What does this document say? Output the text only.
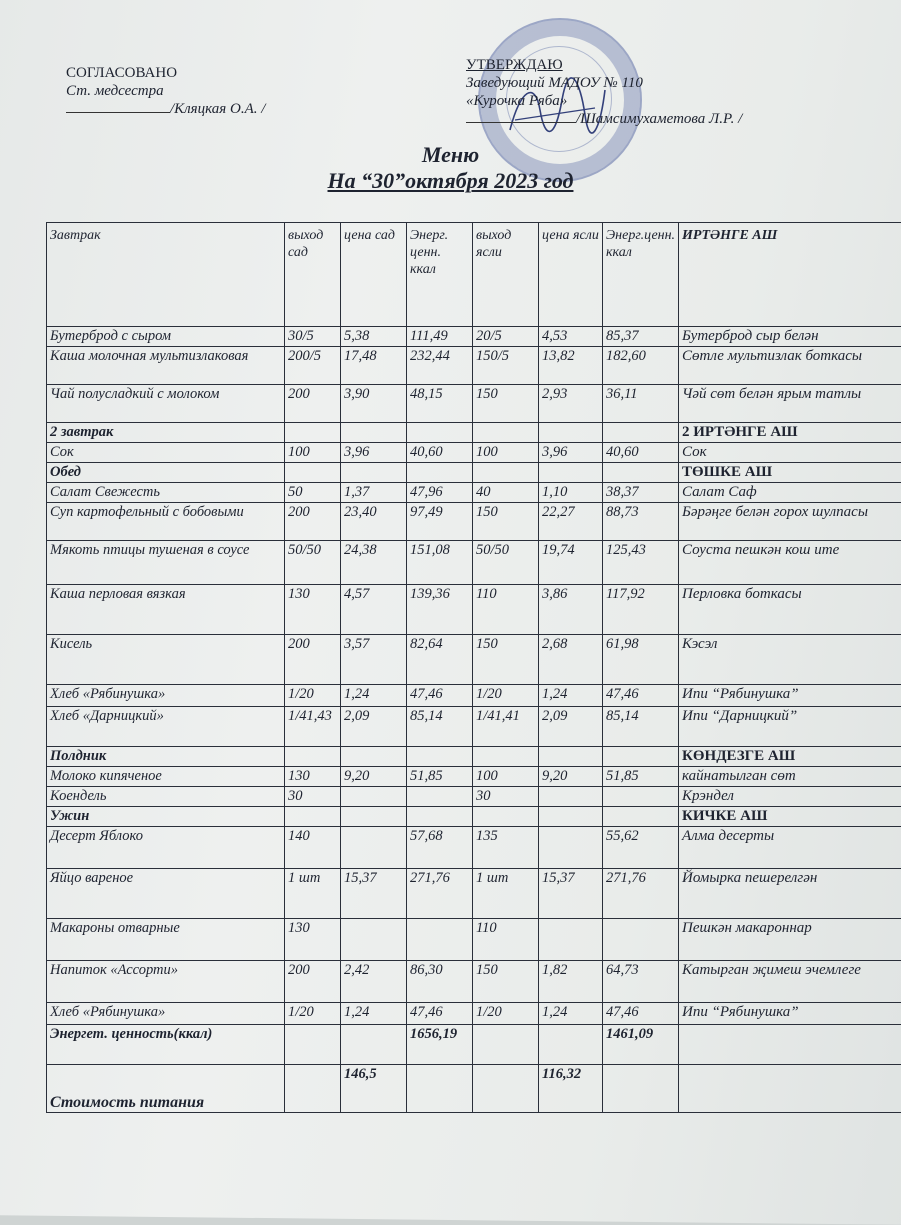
СОГЛАСОВАНО
Ст. медсестра
/Кляцкая О.А. /
УТВЕРЖДАЮ
Заведующий МАДОУ № 110
«Курочка Ряба»
/Шамсимухаметова Л.Р. /
Меню
На “30”октября 2023 год
Завтрак	выход сад	цена сад	Энерг. ценн. ккал	выход ясли	цена ясли	Энерг.ценн. ккал	ИРТӘНГЕ АШ
Бутерброд с сыром	30/5	5,38	111,49	20/5	4,53	85,37	Бутерброд сыр белән
Каша молочная мультизлаковая	200/5	17,48	232,44	150/5	13,82	182,60	Сөтле мультизлак боткасы
Чай полусладкий с молоком	200	3,90	48,15	150	2,93	36,11	Чәй сөт белән ярым татлы
2 завтрак							2 ИРТӘНГЕ АШ
Сок	100	3,96	40,60	100	3,96	40,60	Сок
Обед							ТӨШКЕ АШ
Салат Свежесть	50	1,37	47,96	40	1,10	38,37	Салат Саф
Суп картофельный с бобовыми	200	23,40	97,49	150	22,27	88,73	Бәрәңге белән горох шулпасы
Мякоть птицы тушеная в соусе	50/50	24,38	151,08	50/50	19,74	125,43	Соуста пешкән кош ите
Каша перловая вязкая	130	4,57	139,36	110	3,86	117,92	Перловка боткасы
Кисель	200	3,57	82,64	150	2,68	61,98	Кэсэл
Хлеб «Рябинушка»	1/20	1,24	47,46	1/20	1,24	47,46	Ипи “Рябинушка”
Хлеб «Дарницкий»	1/41,43	2,09	85,14	1/41,41	2,09	85,14	Ипи “Дарницкий”
Полдник							КӨНДЕЗГЕ АШ
Молоко кипяченое	130	9,20	51,85	100	9,20	51,85	кайнатылган сөт
Коендель	30			30			Крэндел
Ужин							КИЧКЕ АШ
Десерт Яблоко	140		57,68	135		55,62	Алма десерты
Яйцо вареное	1 шт	15,37	271,76	1 шт	15,37	271,76	Йомырка пешерелгән
Макароны отварные	130			110			Пешкән макароннар
Напиток «Ассорти»	200	2,42	86,30	150	1,82	64,73	Катырган җимеш эчемлеге
Хлеб «Рябинушка»	1/20	1,24	47,46	1/20	1,24	47,46	Ипи “Рябинушка”
Энергет. ценность(ккал)			1656,19			1461,09	
Стоимость питания		146,5			116,32		
